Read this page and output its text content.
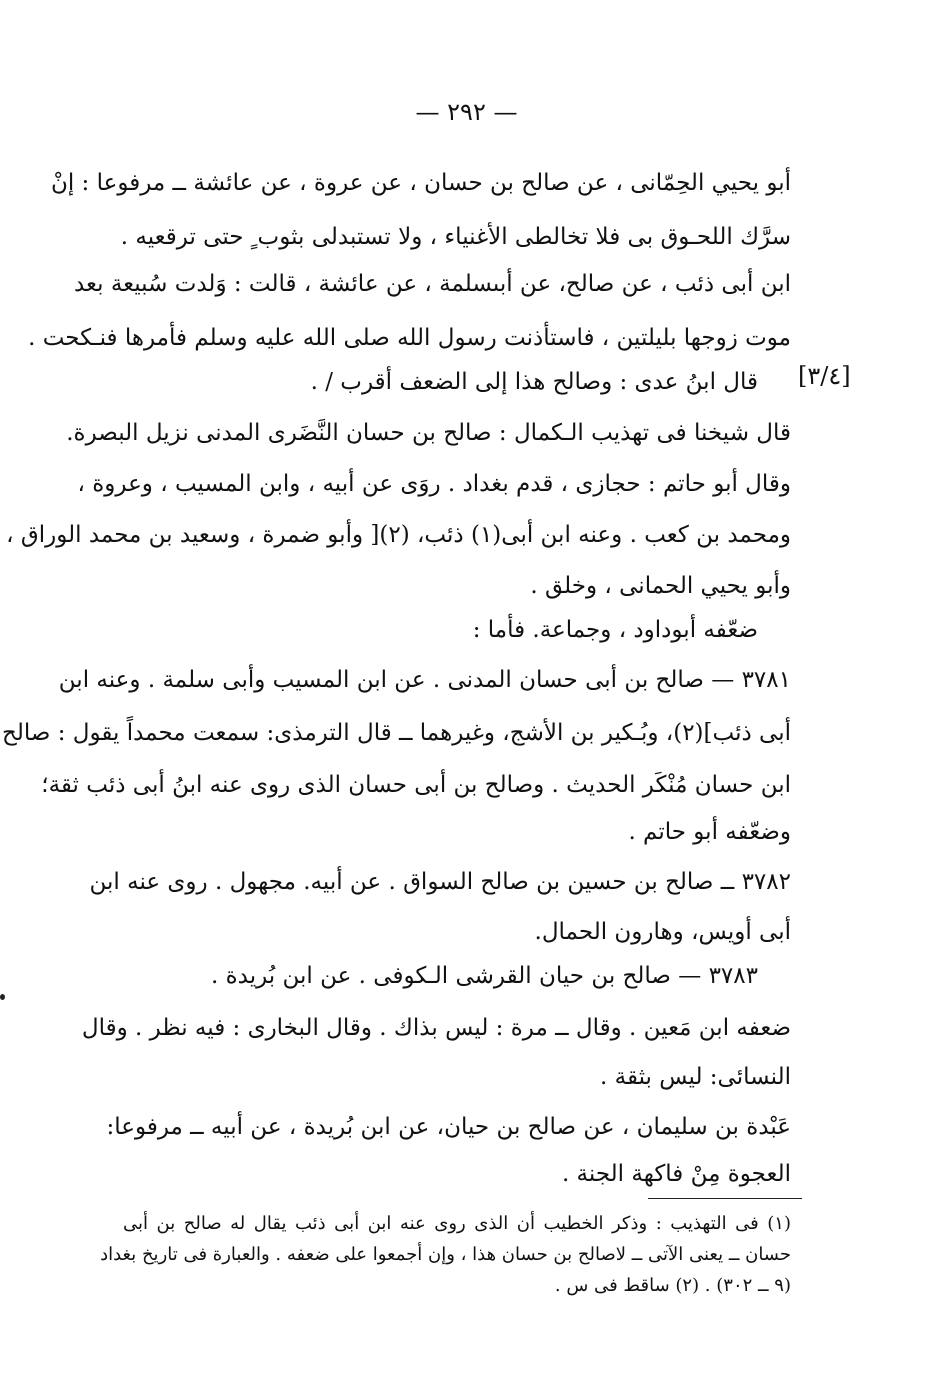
— ٢٩٢ —
[٣/٤]
أبو يحيي الحِمّانى ، عن صالح بن حسان ، عن عروة ، عن عائشة ــ مرفوعا : إنْ
سرَّك اللحـوق بى فلا تخالطى الأغنياء ، ولا تستبدلى بثوب ٍ حتى ترقعيه .
ابن أبى ذئب ، عن صالح، عن أبىسلمة ، عن عائشة ، قالت : وَلدت سُبيعة بعد
موت زوجها بليلتين ، فاستأذنت رسول الله صلى الله عليه وسلم فأمرها فنـكحت .
قال ابنُ عدى : وصالح هذا إلى الضعف أقرب / .
قال شيخنا فى تهذيب الـكمال : صالح بن حسان النَّضَرى المدنى نزيل البصرة.
وقال أبو حاتم : حجازى ، قدم بغداد . روَى عن أبيه ، وابن المسيب ، وعروة ،
ومحمد بن كعب . وعنه ابن أبى(١) ذئب، (٢)[ وأبو ضمرة ، وسعيد بن محمد الوراق ،
وأبو يحيي الحمانى ، وخلق .
ضعّفه أبوداود ، وجماعة. فأما :
٣٧٨١ — صالح بن أبى حسان المدنى . عن ابن المسيب وأبى سلمة . وعنه ابن
أبى ذئب](٢)، وبُـكير بن الأشج، وغيرهما ــ قال الترمذى: سمعت محمداً يقول : صالح
ابن حسان مُنْكَر الحديث . وصالح بن أبى حسان الذى روى عنه ابنُ أبى ذئب ثقة؛
وضعّفه أبو حاتم .
٣٧٨٢ ــ صالح بن حسين بن صالح السواق . عن أبيه. مجهول . روى عنه ابن
أبى أويس، وهارون الحمال.
٣٧٨٣ — صالح بن حيان القرشى الـكوفى . عن ابن بُريدة .
ضعفه ابن مَعين . وقال ــ مرة : ليس بذاك . وقال البخارى : فيه نظر . وقال
النسائى: ليس بثقة .
عَبْدة بن سليمان ، عن صالح بن حيان، عن ابن بُريدة ، عن أبيه ــ مرفوعا:
العجوة مِنْ فاكهة الجنة .
(١) فى التهذيب : وذكر الخطيب أن الذى روى عنه ابن أبى ذئب يقال له صالح بن أبى
حسان ــ يعنى الآتى ــ لاصالح بن حسان هذا ، وإن أجمعوا على ضعفه . والعبارة فى تاريخ بغداد
(٩ ــ ٣٠٢) . (٢) ساقط فى س .
